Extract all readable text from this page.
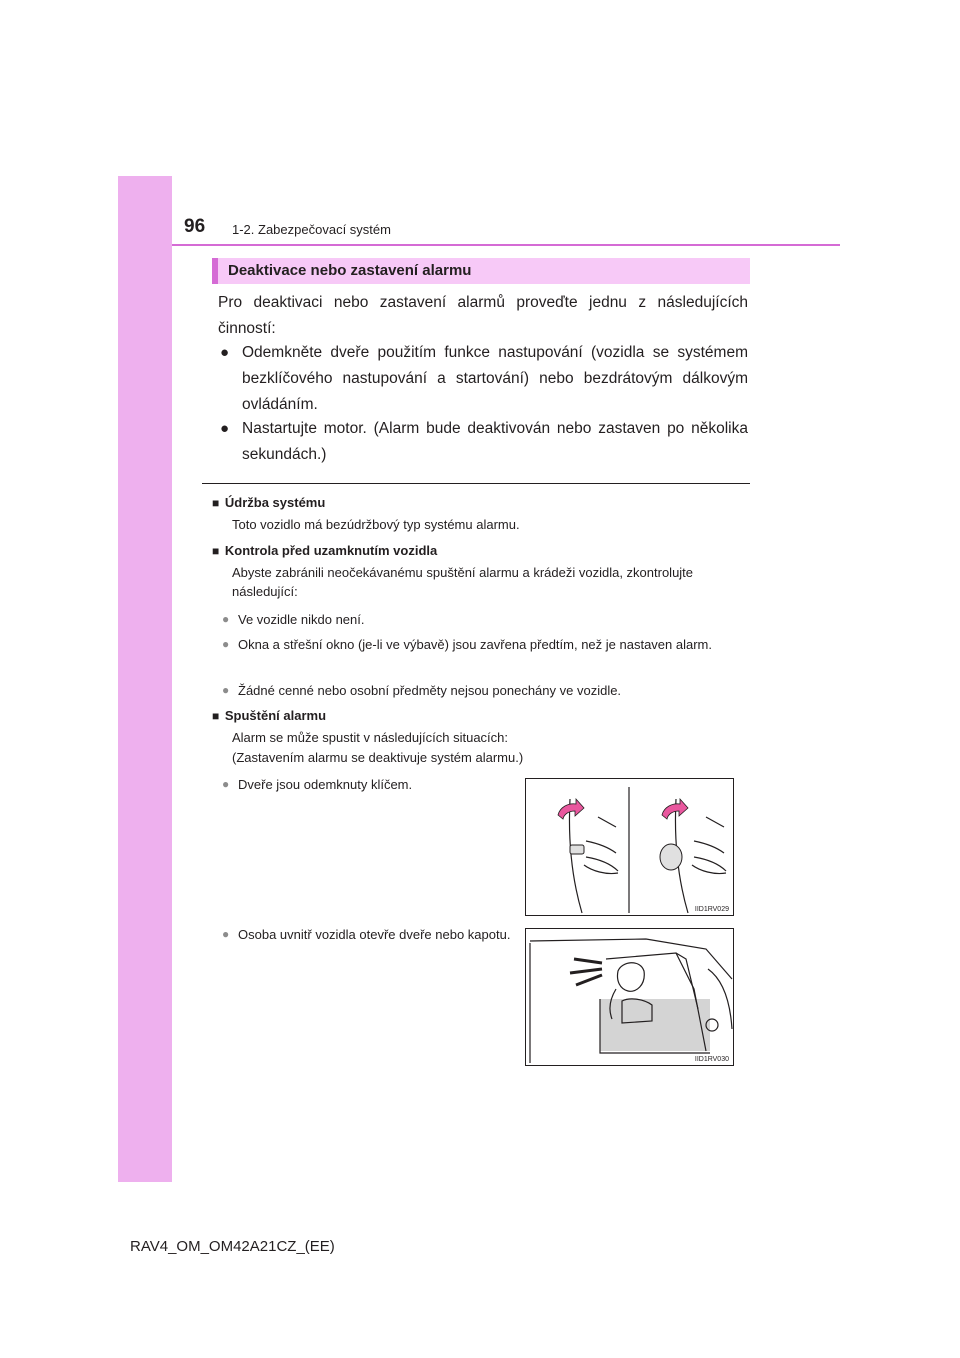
96 1-2. Zabezpečovací systém
Deaktivace nebo zastavení alarmu
Pro deaktivaci nebo zastavení alarmů proveďte jednu z následujících činností:
● Odemkněte dveře použitím funkce nastupování (vozidla se systémem bezklíčového nastupování a startování) nebo bezdrátovým dálkovým ovládáním.
● Nastartujte motor. (Alarm bude deaktivován nebo zastaven po několika sekundách.)
■ Údržba systému
Toto vozidlo má bezúdržbový typ systému alarmu.
■ Kontrola před uzamknutím vozidla
Abyste zabránili neočekávanému spuštění alarmu a krádeži vozidla, zkontrolujte následující:
● Ve vozidle nikdo není.
● Okna a střešní okno (je-li ve výbavě) jsou zavřena předtím, než je nastaven alarm.
● Žádné cenné nebo osobní předměty nejsou ponechány ve vozidle.
■ Spuštění alarmu
Alarm se může spustit v následujících situacích:
(Zastavením alarmu se deaktivuje systém alarmu.)
● Dveře jsou odemknuty klíčem.
● Osoba uvnitř vozidla otevře dveře nebo kapotu.
IID1RV029
IID1RV030
RAV4_OM_OM42A21CZ_(EE)
